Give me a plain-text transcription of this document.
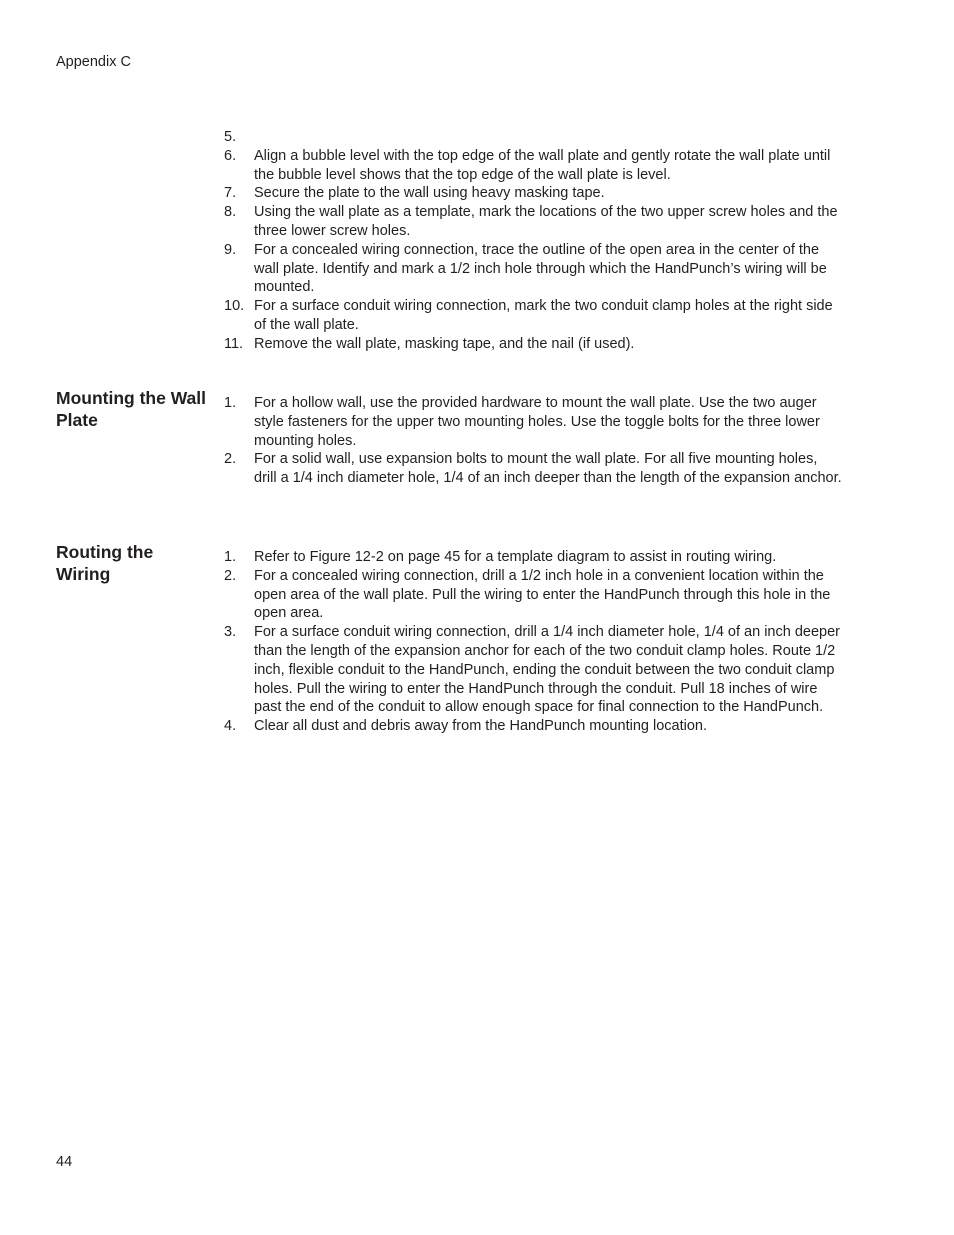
Appendix C
5.
6.	Align a bubble level with the top edge of the wall plate and gently rotate the wall plate until the bubble level shows that the top edge of the wall plate is level.
7.	Secure the plate to the wall using heavy masking tape.
8.	Using the wall plate as a template, mark the locations of the two upper screw holes and the three lower screw holes.
9.	For a concealed wiring connection, trace the outline of the open area in the center of the wall plate. Identify and mark a 1/2 inch hole through which the HandPunch’s wiring will be mounted.
10. For a surface conduit wiring connection, mark the two conduit clamp holes at the right side of the wall plate.
11. Remove the wall plate, masking tape, and the nail (if used).
Mounting the Wall Plate
1.	For a hollow wall, use the provided hardware to mount the wall plate. Use the two auger style fasteners for the upper two mounting holes. Use the toggle bolts for the three lower mounting holes.
2.	For a solid wall, use expansion bolts to mount the wall plate. For all five mounting holes, drill a 1/4 inch diameter hole, 1/4 of an inch deeper than the length of the expansion anchor.
Routing the Wiring
1.	Refer to Figure 12-2 on page 45 for a template diagram to assist in routing wiring.
2.	For a concealed wiring connection, drill a 1/2 inch hole in a convenient location within the open area of the wall plate. Pull the wiring to enter the HandPunch through this hole in the open area.
3.	For a surface conduit wiring connection, drill a 1/4 inch diameter hole, 1/4 of an inch deeper than the length of the expansion anchor for each of the two conduit clamp holes. Route 1/2 inch, flexible conduit to the HandPunch, ending the conduit between the two conduit clamp holes. Pull the wiring to enter the HandPunch through the conduit. Pull 18 inches of wire past the end of the conduit to allow enough space for final connection to the HandPunch.
4.	Clear all dust and debris away from the HandPunch mounting location.
44
